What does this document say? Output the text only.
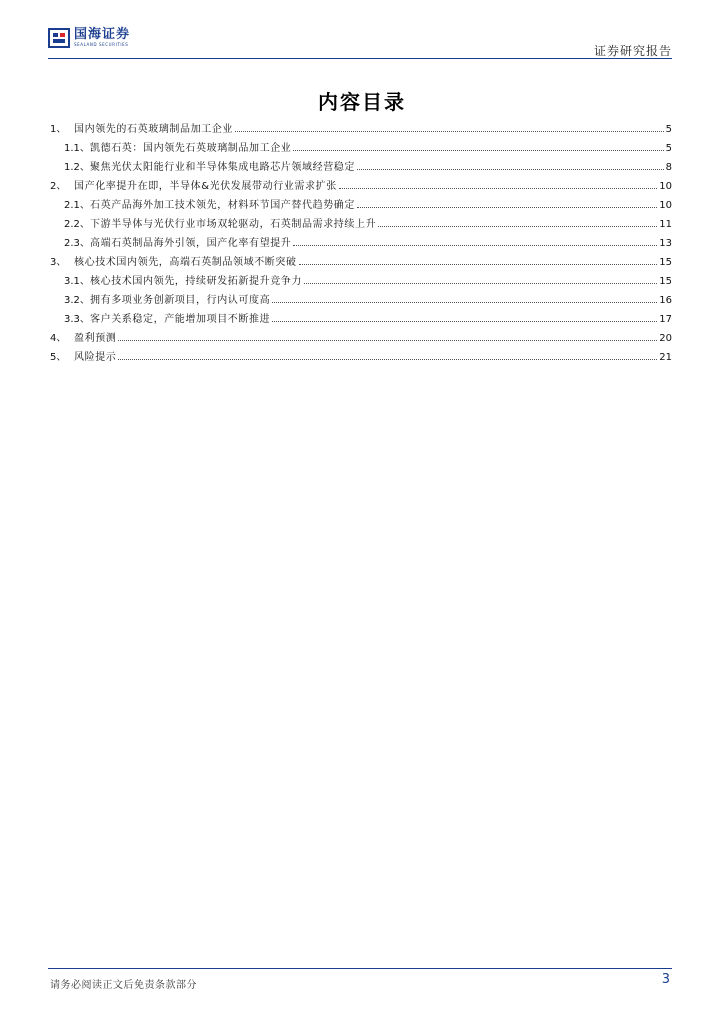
国海证券
SEALAND SECURITIES	证券研究报告
内容目录
1、 国内领先的石英玻璃制品加工企业	5
1.1、 凯德石英：国内领先石英玻璃制品加工企业	5
1.2、 聚焦光伏太阳能行业和半导体集成电路芯片领域经营稳定	8
2、 国产化率提升在即，半导体&光伏发展带动行业需求扩张	10
2.1、 石英产品海外加工技术领先，材料环节国产替代趋势确定	10
2.2、 下游半导体与光伏行业市场双轮驱动，石英制品需求持续上升	11
2.3、 高端石英制品海外引领，国产化率有望提升	13
3、 核心技术国内领先，高端石英制品领域不断突破	15
3.1、 核心技术国内领先，持续研发拓新提升竞争力	15
3.2、 拥有多项业务创新项目，行内认可度高	16
3.3、 客户关系稳定，产能增加项目不断推进	17
4、 盈利预测	20
5、 风险提示	21
请务必阅读正文后免责条款部分	3
